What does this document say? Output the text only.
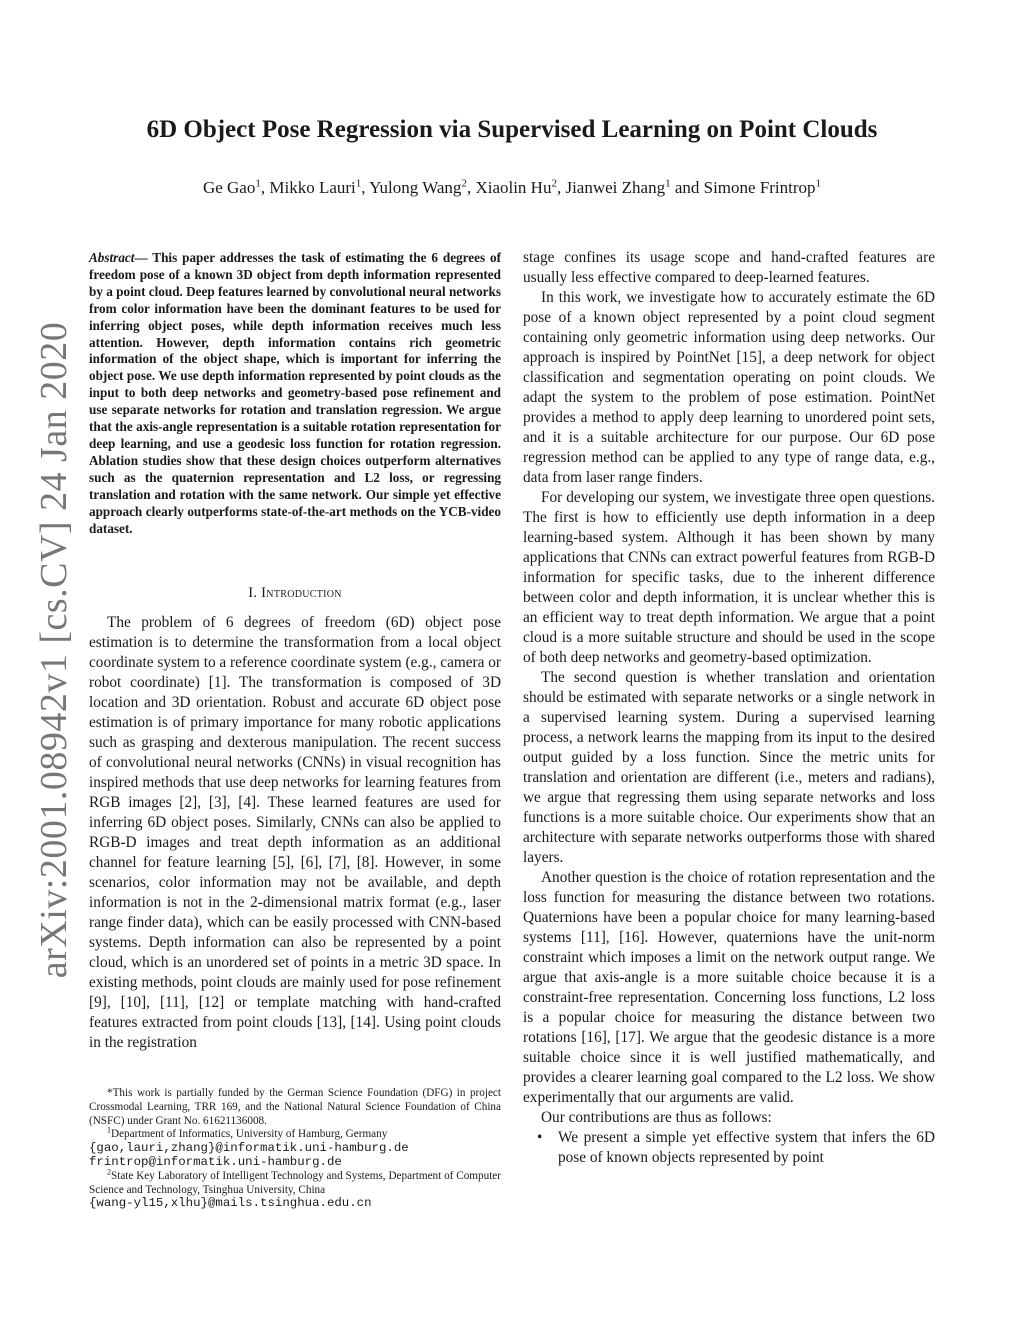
arXiv:2001.08942v1 [cs.CV] 24 Jan 2020
6D Object Pose Regression via Supervised Learning on Point Clouds
Ge Gao$^1$, Mikko Lauri$^1$, Yulong Wang$^2$, Xiaolin Hu$^2$, Jianwei Zhang$^1$ and Simone Frintrop$^1$
Abstract— This paper addresses the task of estimating the 6 degrees of freedom pose of a known 3D object from depth information represented by a point cloud. Deep features learned by convolutional neural networks from color information have been the dominant features to be used for inferring object poses, while depth information receives much less attention. However, depth information contains rich geometric information of the object shape, which is important for inferring the object pose. We use depth information represented by point clouds as the input to both deep networks and geometry-based pose refinement and use separate networks for rotation and translation regression. We argue that the axis-angle representation is a suitable rotation representation for deep learning, and use a geodesic loss function for rotation regression. Ablation studies show that these design choices outperform alternatives such as the quaternion representation and L2 loss, or regressing translation and rotation with the same network. Our simple yet effective approach clearly outperforms state-of-the-art methods on the YCB-video dataset.
I. Introduction

The problem of 6 degrees of freedom (6D) object pose estimation is to determine the transformation from a local object coordinate system to a reference coordinate system (e.g., camera or robot coordinate) [1]. The transformation is composed of 3D location and 3D orientation. Robust and accurate 6D object pose estimation is of primary importance for many robotic applications such as grasping and dexterous manipulation. The recent success of convolutional neural networks (CNNs) in visual recognition has inspired methods that use deep networks for learning features from RGB images [2], [3], [4]. These learned features are used for inferring 6D object poses. Similarly, CNNs can also be applied to RGB-D images and treat depth information as an additional channel for feature learning [5], [6], [7], [8]. However, in some scenarios, color information may not be available, and depth information is not in the 2-dimensional matrix format (e.g., laser range finder data), which can be easily processed with CNN-based systems. Depth information can also be represented by a point cloud, which is an unordered set of points in a metric 3D space. In existing methods, point clouds are mainly used for pose refinement [9], [10], [11], [12] or template matching with hand-crafted features extracted from point clouds [13], [14]. Using point clouds in the registration

*This work is partially funded by the German Science Foundation (DFG) in project Crossmodal Learning, TRR 169, and the National Natural Science Foundation of China (NSFC) under Grant No. 61621136008.

$^1$Department of Informatics, University of Hamburg, Germany

{gao,lauri,zhang}@informatik.uni-hamburg.de
frintrop@informatik.uni-hamburg.de

$^2$State Key Laboratory of Intelligent Technology and Systems, Department of Computer Science and Technology, Tsinghua University, China

{wang-yl15,xlhu}@mails.tsinghua.edu.cn

stage confines its usage scope and hand-crafted features are usually less effective compared to deep-learned features.

In this work, we investigate how to accurately estimate the 6D pose of a known object represented by a point cloud segment containing only geometric information using deep networks. Our approach is inspired by PointNet [15], a deep network for object classification and segmentation operating on point clouds. We adapt the system to the problem of pose estimation. PointNet provides a method to apply deep learning to unordered point sets, and it is a suitable architecture for our purpose. Our 6D pose regression method can be applied to any type of range data, e.g., data from laser range finders.

For developing our system, we investigate three open questions. The first is how to efficiently use depth information in a deep learning-based system. Although it has been shown by many applications that CNNs can extract powerful features from RGB-D information for specific tasks, due to the inherent difference between color and depth information, it is unclear whether this is an efficient way to treat depth information. We argue that a point cloud is a more suitable structure and should be used in the scope of both deep networks and geometry-based optimization.

The second question is whether translation and orientation should be estimated with separate networks or a single network in a supervised learning system. During a supervised learning process, a network learns the mapping from its input to the desired output guided by a loss function. Since the metric units for translation and orientation are different (i.e., meters and radians), we argue that regressing them using separate networks and loss functions is a more suitable choice. Our experiments show that an architecture with separate networks outperforms those with shared layers.

Another question is the choice of rotation representation and the loss function for measuring the distance between two rotations. Quaternions have been a popular choice for many learning-based systems [11], [16]. However, quaternions have the unit-norm constraint which imposes a limit on the network output range. We argue that axis-angle is a more suitable choice because it is a constraint-free representation. Concerning loss functions, L2 loss is a popular choice for measuring the distance between two rotations [16], [17]. We argue that the geodesic distance is a more suitable choice since it is well justified mathematically, and provides a clearer learning goal compared to the L2 loss. We show experimentally that our arguments are valid.

Our contributions are thus as follows:

• We present a simple yet effective system that infers the 6D pose of known objects represented by point
